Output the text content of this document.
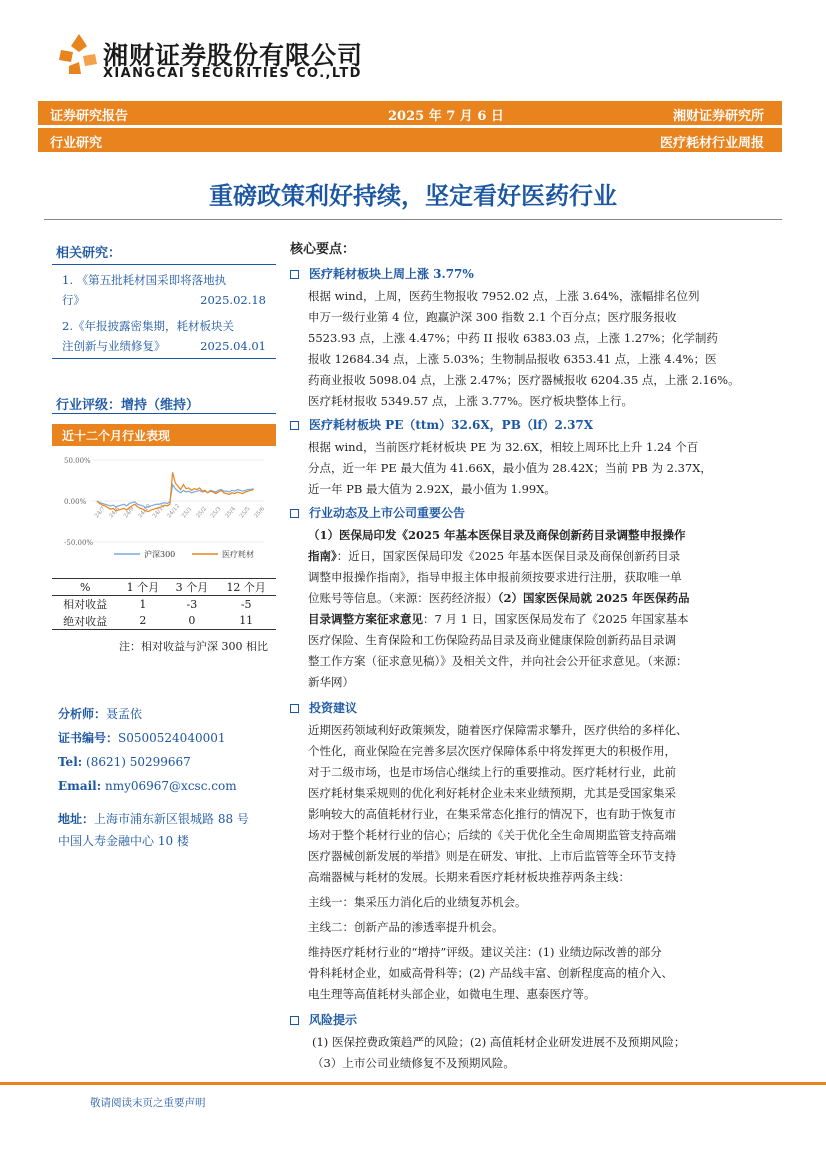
湘财证券股份有限公司
XIANGCAI SECURITIES CO.,LTD
证券研究报告	2025 年 7 月 6 日	湘财证券研究所
行业研究	医疗耗材行业周报
重磅政策利好持续，坚定看好医药行业
相关研究：
1. 《第五批耗材国采即将落地执
行》	2025.02.18
2.《年报披露密集期，耗材板块关
注创新与业绩修复》	2025.04.01
行业评级：增持（维持）
近十二个月行业表现
50.00%
0.00%
-50.00%
24/7 24/8 24/9 24/10 24/11 24/12 25/1 25/2 25/3 25/4 25/5 25/6
沪深300	医疗耗材
%	1 个月	3 个月	12 个月
相对收益	1	-3	-5
绝对收益	2	0	11
注：相对收益与沪深 300 相比
分析师：聂孟依
证书编号：S0500524040001
Tel: (8621) 50299667
Email: nmy06967@xcsc.com
地址：上海市浦东新区银城路 88 号
中国人寿金融中心 10 楼
核心要点：
医疗耗材板块上周上涨 3.77%

根据 wind，上周，医药生物报收 7952.02 点，上涨 3.64%，涨幅排名位列

申万一级行业第 4 位，跑赢沪深 300 指数 2.1 个百分点；医疗服务报收

5523.93 点，上涨 4.47%；中药 II 报收 6383.03 点，上涨 1.27%；化学制药

报收 12684.34 点，上涨 5.03%；生物制品报收 6353.41 点，上涨 4.4%；医

药商业报收 5098.04 点，上涨 2.47%；医疗器械报收 6204.35 点，上涨 2.16%。

医疗耗材报收 5349.57 点，上涨 3.77%。医疗板块整体上行。

医疗耗材板块 PE（ttm）32.6X，PB（lf）2.37X

根据 wind，当前医疗耗材板块 PE 为 32.6X，相较上周环比上升 1.24 个百

分点，近一年 PE 最大值为 41.66X，最小值为 28.42X；当前 PB 为 2.37X，

近一年 PB 最大值为 2.92X，最小值为 1.99X。

行业动态及上市公司重要公告

（1）医保局印发《2025 年基本医保目录及商保创新药目录调整申报操作

指南》：近日，国家医保局印发《2025 年基本医保目录及商保创新药目录

调整申报操作指南》，指导申报主体申报前须按要求进行注册，获取唯一单

位账号等信息。（来源：医药经济报）（2）国家医保局就 2025 年医保药品

目录调整方案征求意见：7 月 1 日，国家医保局发布了《2025 年国家基本

医疗保险、生育保险和工伤保险药品目录及商业健康保险创新药品目录调

整工作方案（征求意见稿）》及相关文件，并向社会公开征求意见。（来源：

新华网）

投资建议

近期医药领域利好政策频发，随着医疗保障需求攀升，医疗供给的多样化、

个性化，商业保险在完善多层次医疗保障体系中将发挥更大的积极作用，

对于二级市场，也是市场信心继续上行的重要推动。医疗耗材行业，此前

医疗耗材集采规则的优化利好耗材企业未来业绩预期，尤其是受国家集采

影响较大的高值耗材行业，在集采常态化推行的情况下，也有助于恢复市

场对于整个耗材行业的信心；后续的《关于优化全生命周期监管支持高端

医疗器械创新发展的举措》则是在研发、审批、上市后监管等全环节支持

高端器械与耗材的发展。长期来看医疗耗材板块推荐两条主线：

主线一：集采压力消化后的业绩复苏机会。

主线二：创新产品的渗透率提升机会。

维持医疗耗材行业的“增持”评级。建议关注：(1) 业绩边际改善的部分

骨科耗材企业，如威高骨科等；(2) 产品线丰富、创新程度高的植介入、

电生理等高值耗材头部企业，如微电生理、惠泰医疗等。

风险提示

(1) 医保控费政策趋严的风险；(2) 高值耗材企业研发进展不及预期风险；

（3）上市公司业绩修复不及预期风险。

敬请阅读末页之重要声明
